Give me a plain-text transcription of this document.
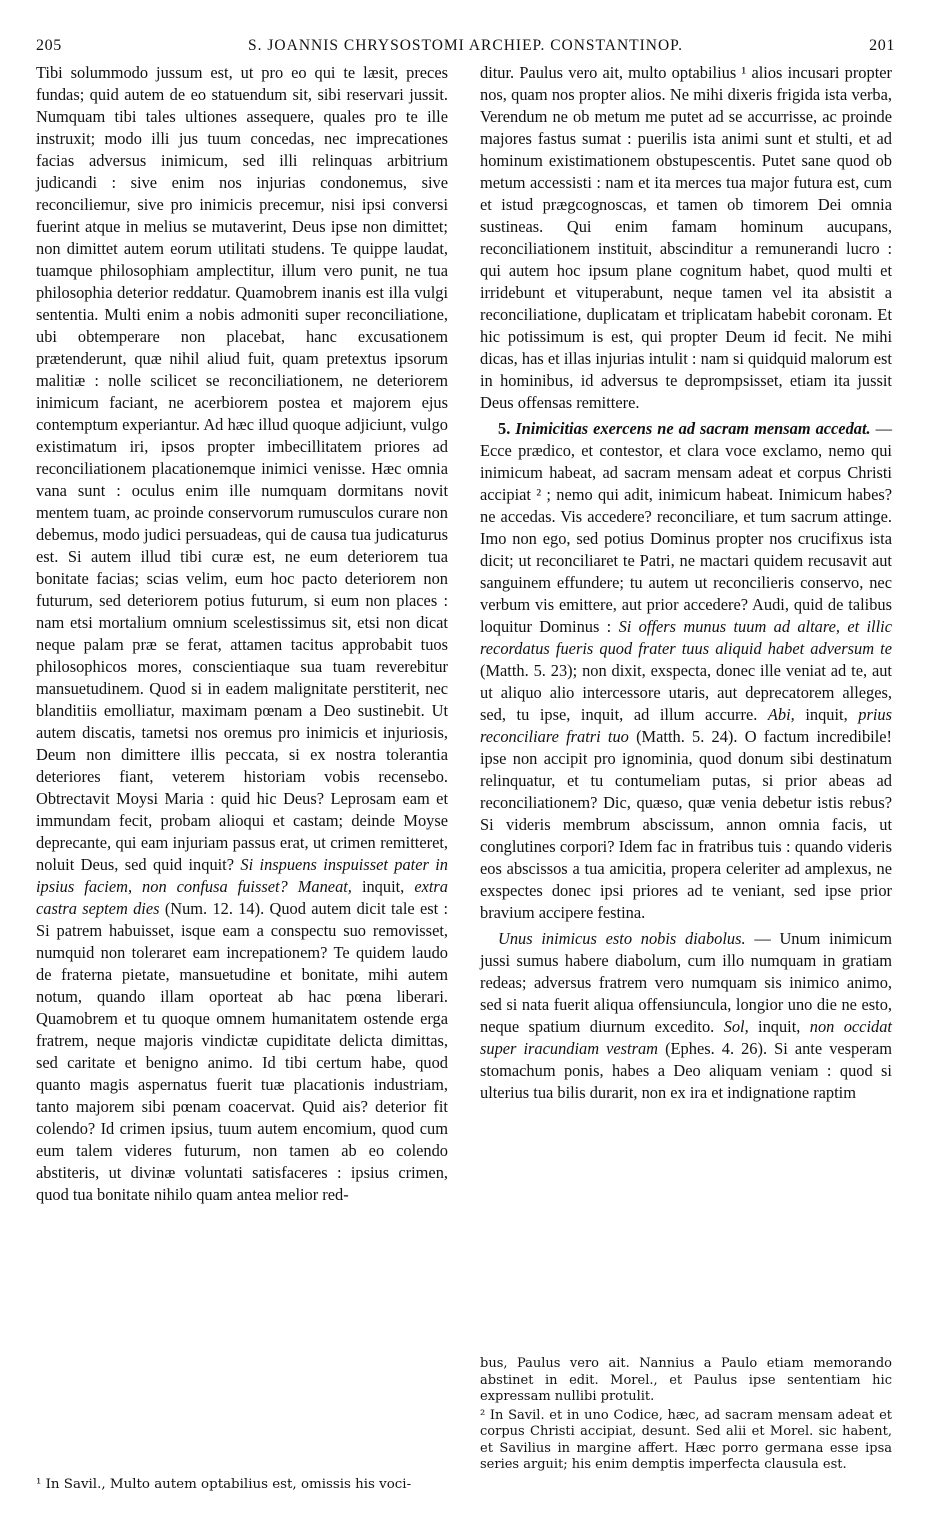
205	S. JOANNIS CHRYSOSTOMI ARCHIEP. CONSTANTINOP.	201

Tibi solummodo jussum est, ut pro eo qui te læsit, preces fundas; quid autem de eo statuendum sit, sibi reservari jussit. Numquam tibi tales ultiones assequere, quales pro te ille instruxit; modo illi jus tuum concedas, nec imprecationes facias adversus inimicum, sed illi relinquas arbitrium judicandi : sive enim nos injurias condonemus, sive reconciliemur, sive pro inimicis precemur, nisi ipsi conversi fuerint atque in melius se mutaverint, Deus ipse non dimittet; non dimittet autem eorum utilitati studens. Te quippe laudat, tuamque philosophiam amplectitur, illum vero punit, ne tua philosophia deterior reddatur. Quamobrem inanis est illa vulgi sententia. Multi enim a nobis admoniti super reconciliatione, ubi obtemperare non placebat, hanc excusationem prætenderunt, quæ nihil aliud fuit, quam pretextus ipsorum malitiæ : nolle scilicet se reconciliationem, ne deteriorem inimicum faciant, ne acerbiorem postea et majorem ejus contemptum experiantur. Ad hæc illud quoque adjiciunt, vulgo existimatum iri, ipsos propter imbecillitatem priores ad reconciliationem placationemque inimici venisse. Hæc omnia vana sunt : oculus enim ille numquam dormitans novit mentem tuam, ac proinde conservorum rumusculos curare non debemus, modo judici persuadeas, qui de causa tua judicaturus est. Si autem illud tibi curæ est, ne eum deteriorem tua bonitate facias; scias velim, eum hoc pacto deteriorem non futurum, sed deteriorem potius futurum, si eum non places : nam etsi mortalium omnium scelestissimus sit, etsi non dicat neque palam præ se ferat, attamen tacitus approbabit tuos philosophicos mores, conscientiaque sua tuam reverebitur mansuetudinem. Quod si in eadem malignitate perstiterit, nec blanditiis emolliatur, maximam pœnam a Deo sustinebit. Ut autem discatis, tametsi nos oremus pro inimicis et injuriosis, Deum non dimittere illis peccata, si ex nostra tolerantia deteriores fiant, veterem historiam vobis recensebo. Obtrectavit Moysi Maria : quid hic Deus? Leprosam eam et immundam fecit, probam alioqui et castam; deinde Moyse deprecante, qui eam injuriam passus erat, ut crimen remitteret, noluit Deus, sed quid inquit? Si inspuens inspuisset pater in ipsius faciem, non confusa fuisset? Maneat, inquit, extra castra septem dies (Num. 12. 14). Quod autem dicit tale est : Si patrem habuisset, isque eam a conspectu suo removisset, numquid non toleraret eam increpationem? Te quidem laudo de fraterna pietate, mansuetudine et bonitate, mihi autem notum, quando illam oporteat ab hac pœna liberari. Quamobrem et tu quoque omnem humanitatem ostende erga fratrem, neque majoris vindictæ cupiditate delicta dimittas, sed caritate et benigno animo. Id tibi certum habe, quod quanto magis aspernatus fuerit tuæ placationis industriam, tanto majorem sibi pœnam coacervat. Quid ais? deterior fit colendo? Id crimen ipsius, tuum autem encomium, quod cum eum talem videres futurum, non tamen ab eo colendo abstiteris, ut divinæ voluntati satisfaceres : ipsius crimen, quod tua bonitate nihilo quam antea melior red-

ditur. Paulus vero ait, multo optabilius ¹ alios incusari propter nos, quam nos propter alios. Ne mihi dixeris frigida ista verba, Verendum ne ob metum me putet ad se accurrisse, ac proinde majores fastus sumat : puerilis ista animi sunt et stulti, et ad hominum existimationem obstupescentis. Putet sane quod ob metum accessisti : nam et ita merces tua major futura est, cum et istud prægcognoscas, et tamen ob timorem Dei omnia sustineas. Qui enim famam hominum aucupans, reconciliationem instituit, abscinditur a remunerandi lucro : qui autem hoc ipsum plane cognitum habet, quod multi et irridebunt et vituperabunt, neque tamen vel ita absistit a reconciliatione, duplicatam et triplicatam habebit coronam. Et hic potissimum is est, qui propter Deum id fecit. Ne mihi dicas, has et illas injurias intulit : nam si quidquid malorum est in hominibus, id adversus te deprompsisset, etiam ita jussit Deus offensas remittere.

5. Inimicitias exercens ne ad sacram mensam accedat. —Ecce prædico, et contestor, et clara voce exclamo, nemo qui inimicum habeat, ad sacram mensam adeat et corpus Christi accipiat ² ; nemo qui adit, inimicum habeat. Inimicum habes? ne accedas. Vis accedere? reconciliare, et tum sacrum attinge. Imo non ego, sed potius Dominus propter nos crucifixus ista dicit; ut reconciliaret te Patri, ne mactari quidem recusavit aut sanguinem effundere; tu autem ut reconcilieris conservo, nec verbum vis emittere, aut prior accedere? Audi, quid de talibus loquitur Dominus : Si offers munus tuum ad altare, et illic recordatus fueris quod frater tuus aliquid habet adversum te (Matth. 5. 23); non dixit, exspecta, donec ille veniat ad te, aut ut aliquo alio intercessore utaris, aut deprecatorem alleges, sed, tu ipse, inquit, ad illum accurre. Abi, inquit, prius reconciliare fratri tuo (Matth. 5. 24). O factum incredibile! ipse non accipit pro ignominia, quod donum sibi destinatum relinquatur, et tu contumeliam putas, si prior abeas ad reconciliationem? Dic, quæso, quæ venia debetur istis rebus? Si videris membrum abscissum, annon omnia facis, ut conglutines corpori? Idem fac in fratribus tuis : quando videris eos abscissos a tua amicitia, propera celeriter ad amplexus, ne exspectes donec ipsi priores ad te veniant, sed ipse prior bravium accipere festina.

Unus inimicus esto nobis diabolus. — Unum inimicum jussi sumus habere diabolum, cum illo numquam in gratiam redeas; adversus fratrem vero numquam sis inimico animo, sed si nata fuerit aliqua offensiuncula, longior uno die ne esto, neque spatium diurnum excedito. Sol, inquit, non occidat super iracundiam vestram (Ephes. 4. 26). Si ante vesperam stomachum ponis, habes a Deo aliquam veniam : quod si ulterius tua bilis durarit, non ex ira et indignatione raptim

¹ In Savil., Multo autem optabilius est, omissis his voci-

bus, Paulus vero ait. Nannius a Paulo etiam memorando abstinet in edit. Morel., et Paulus ipse sententiam hic expressam nullibi protulit.

² In Savil. et in uno Codice, hæc, ad sacram mensam adeat et corpus Christi accipiat, desunt. Sed alii et Morel. sic habent, et Savilius in margine affert. Hæc porro germana esse ipsa series arguit; his enim demptis imperfecta clausula est.
